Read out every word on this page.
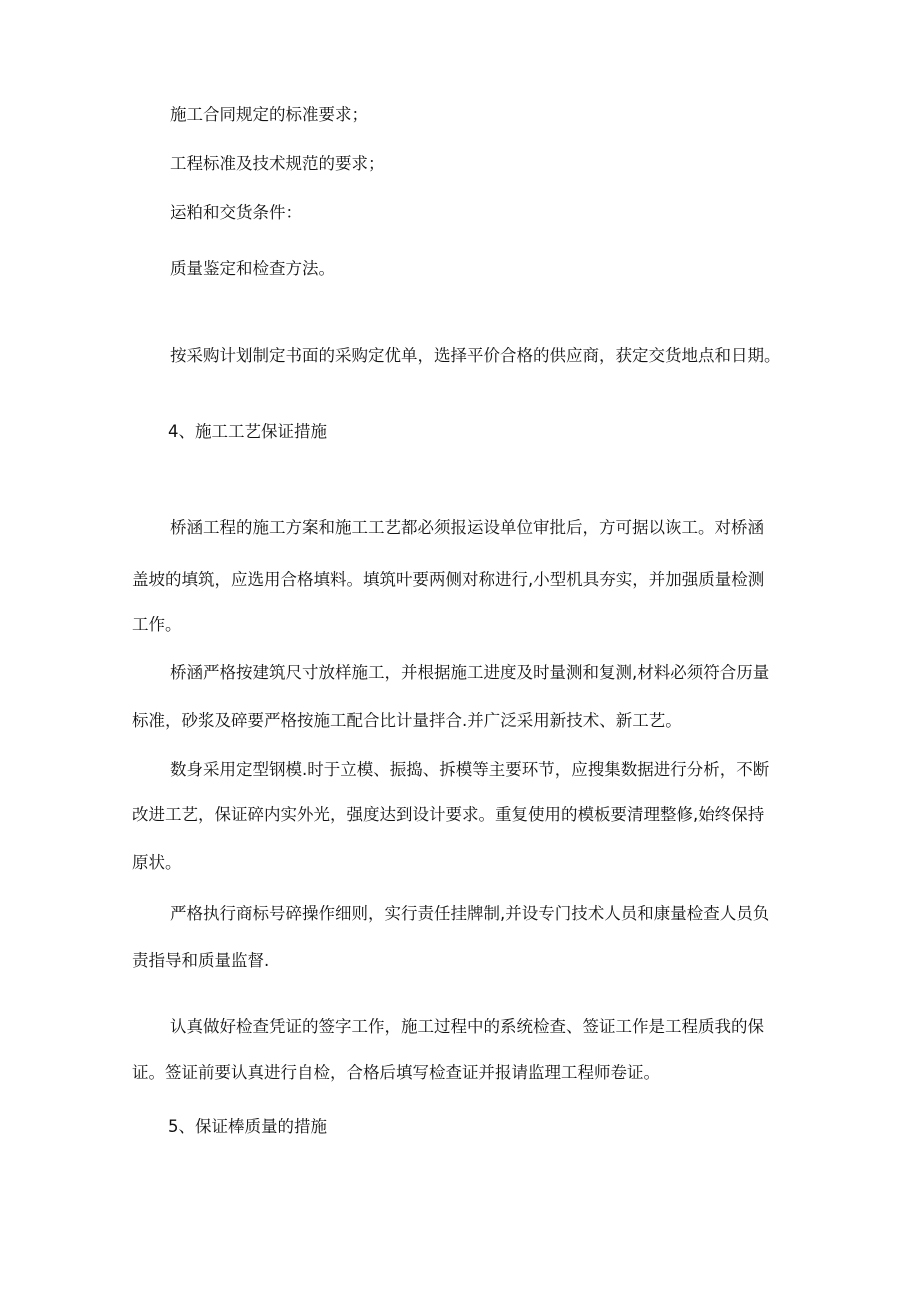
施工合同规定的标准要求；

工程标准及技术规范的要求；

运粕和交货条件：

质量鉴定和检查方法。

按采购计划制定书面的采购定优单，选择平价合格的供应商，获定交货地点和日期。

4、施工工艺保证措施

桥涵工程的施工方案和施工工艺都必须报运设单位审批后，方可据以诙工。对桥涵

盖坡的填筑，应选用合格填料。填筑叶要两侧对称进行,小型机具夯实，并加强质量检测

工作。

桥涵严格按建筑尺寸放样施工，并根据施工进度及时量测和复测,材料必须符合历量

标准，砂浆及碎要严格按施工配合比计量拌合.并广泛采用新技术、新工艺。

数身采用定型钢模.时于立模、振捣、拆模等主要环节，应搜集数据进行分析，不断

改进工艺，保证碎内实外光，强度达到设计要求。重复使用的模板要清理整修,始终保持

原状。

严格执行商标号碎操作细则，实行责任挂牌制,并设专门技术人员和康量检查人员负

责指导和质量监督.

认真做好检查凭证的签字工作，施工过程中的系统检查、签证工作是工程质我的保

证。签证前要认真进行自检，合格后填写检查证并报请监理工程师卷证。

5、保证棒质量的措施
